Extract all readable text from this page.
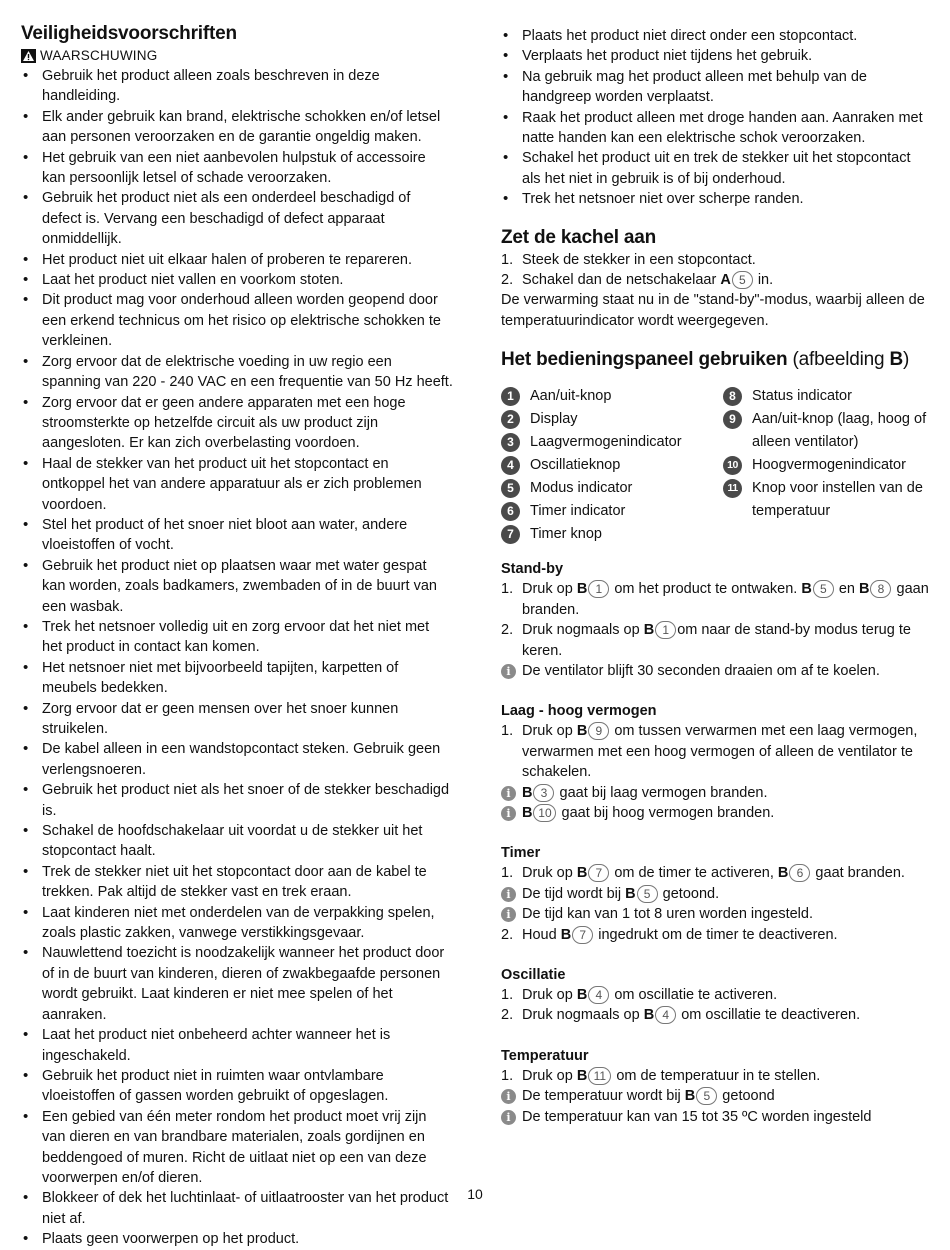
Veiligheidsvoorschriften
WAARSCHUWING
• Gebruik het product alleen zoals beschreven in deze handleiding.
• Elk ander gebruik kan brand, elektrische schokken en/of letsel aan personen veroorzaken en de garantie ongeldig maken.
• Het gebruik van een niet aanbevolen hulpstuk of accessoire kan persoonlijk letsel of schade veroorzaken.
• Gebruik het product niet als een onderdeel beschadigd of defect is. Vervang een beschadigd of defect apparaat onmiddellijk.
• Het product niet uit elkaar halen of proberen te repareren.
• Laat het product niet vallen en voorkom stoten.
• Dit product mag voor onderhoud alleen worden geopend door een erkend technicus om het risico op elektrische schokken te verkleinen.
• Zorg ervoor dat de elektrische voeding in uw regio een spanning van 220 - 240 VAC en een frequentie van 50 Hz heeft.
• Zorg ervoor dat er geen andere apparaten met een hoge stroomsterkte op hetzelfde circuit als uw product zijn aangesloten. Er kan zich overbelasting voordoen.
• Haal de stekker van het product uit het stopcontact en ontkoppel het van andere apparatuur als er zich problemen voordoen.
• Stel het product of het snoer niet bloot aan water, andere vloeistoffen of vocht.
• Gebruik het product niet op plaatsen waar met water gespat kan worden, zoals badkamers, zwembaden of in de buurt van een wasbak.
• Trek het netsnoer volledig uit en zorg ervoor dat het niet met het product in contact kan komen.
• Het netsnoer niet met bijvoorbeeld tapijten, karpetten of meubels bedekken.
• Zorg ervoor dat er geen mensen over het snoer kunnen struikelen.
• De kabel alleen in een wandstopcontact steken. Gebruik geen verlengsnoeren.
• Gebruik het product niet als het snoer of de stekker beschadigd is.
• Schakel de hoofdschakelaar uit voordat u de stekker uit het stopcontact haalt.
• Trek de stekker niet uit het stopcontact door aan de kabel te trekken. Pak altijd de stekker vast en trek eraan.
• Laat kinderen niet met onderdelen van de verpakking spelen, zoals plastic zakken, vanwege verstikkingsgevaar.
• Nauwlettend toezicht is noodzakelijk wanneer het product door of in de buurt van kinderen, dieren of zwakbegaafde personen wordt gebruikt. Laat kinderen er niet mee spelen of het aanraken.
• Laat het product niet onbeheerd achter wanneer het is ingeschakeld.
• Gebruik het product niet in ruimten waar ontvlambare vloeistoffen of gassen worden gebruikt of opgeslagen.
• Een gebied van één meter rondom het product moet vrij zijn van dieren en van brandbare materialen, zoals gordijnen en beddengoed of muren. Richt de uitlaat niet op een van deze voorwerpen en/of dieren.
• Blokkeer of dek het luchtinlaat- of uitlaatrooster van het product niet af.
• Plaats geen voorwerpen op het product.
• Plaats het product niet direct onder een stopcontact.
• Verplaats het product niet tijdens het gebruik.
• Na gebruik mag het product alleen met behulp van de handgreep worden verplaatst.
• Raak het product alleen met droge handen aan. Aanraken met natte handen kan een elektrische schok veroorzaken.
• Schakel het product uit en trek de stekker uit het stopcontact als het niet in gebruik is of bij onderhoud.
• Trek het netsnoer niet over scherpe randen.
Zet de kachel aan
1. Steek de stekker in een stopcontact.
2. Schakel dan de netschakelaar A 5 in.
De verwarming staat nu in de "stand-by"-modus, waarbij alleen de temperatuurindicator wordt weergegeven.
Het bedieningspaneel gebruiken (afbeelding B)
1	Aan/uit-knop
2	Display
3	Laagvermogenindicator
4	Oscillatieknop
5	Modus indicator
6	Timer indicator
7	Timer knop
8	Status indicator
9	Aan/uit-knop (laag, hoog of alleen ventilator)
10 Hoogvermogenindicator
11 Knop voor instellen van de temperatuur
Stand-by
1. Druk op B 1 om het product te ontwaken. B 5 en B 8 gaan branden.
2. Druk nogmaals op B 1 om naar de stand-by modus terug te keren.
i De ventilator blijft 30 seconden draaien om af te koelen.
Laag - hoog vermogen
1. Druk op B 9 om tussen verwarmen met een laag vermogen, verwarmen met een hoog vermogen of alleen de ventilator te schakelen.
i B 3 gaat bij laag vermogen branden.
i B 10 gaat bij hoog vermogen branden.
Timer
1. Druk op B 7 om de timer te activeren, B 6 gaat branden.
i De tijd wordt bij B 5 getoond.
i De tijd kan van 1 tot 8 uren worden ingesteld.
2. Houd B 7 ingedrukt om de timer te deactiveren.
Oscillatie
1. Druk op B 4 om oscillatie te activeren.
2. Druk nogmaals op B 4 om oscillatie te deactiveren.
Temperatuur
1. Druk op B 11 om de temperatuur in te stellen.
i De temperatuur wordt bij B 5 getoond
i De temperatuur kan van 15 tot 35 ºC worden ingesteld
10
